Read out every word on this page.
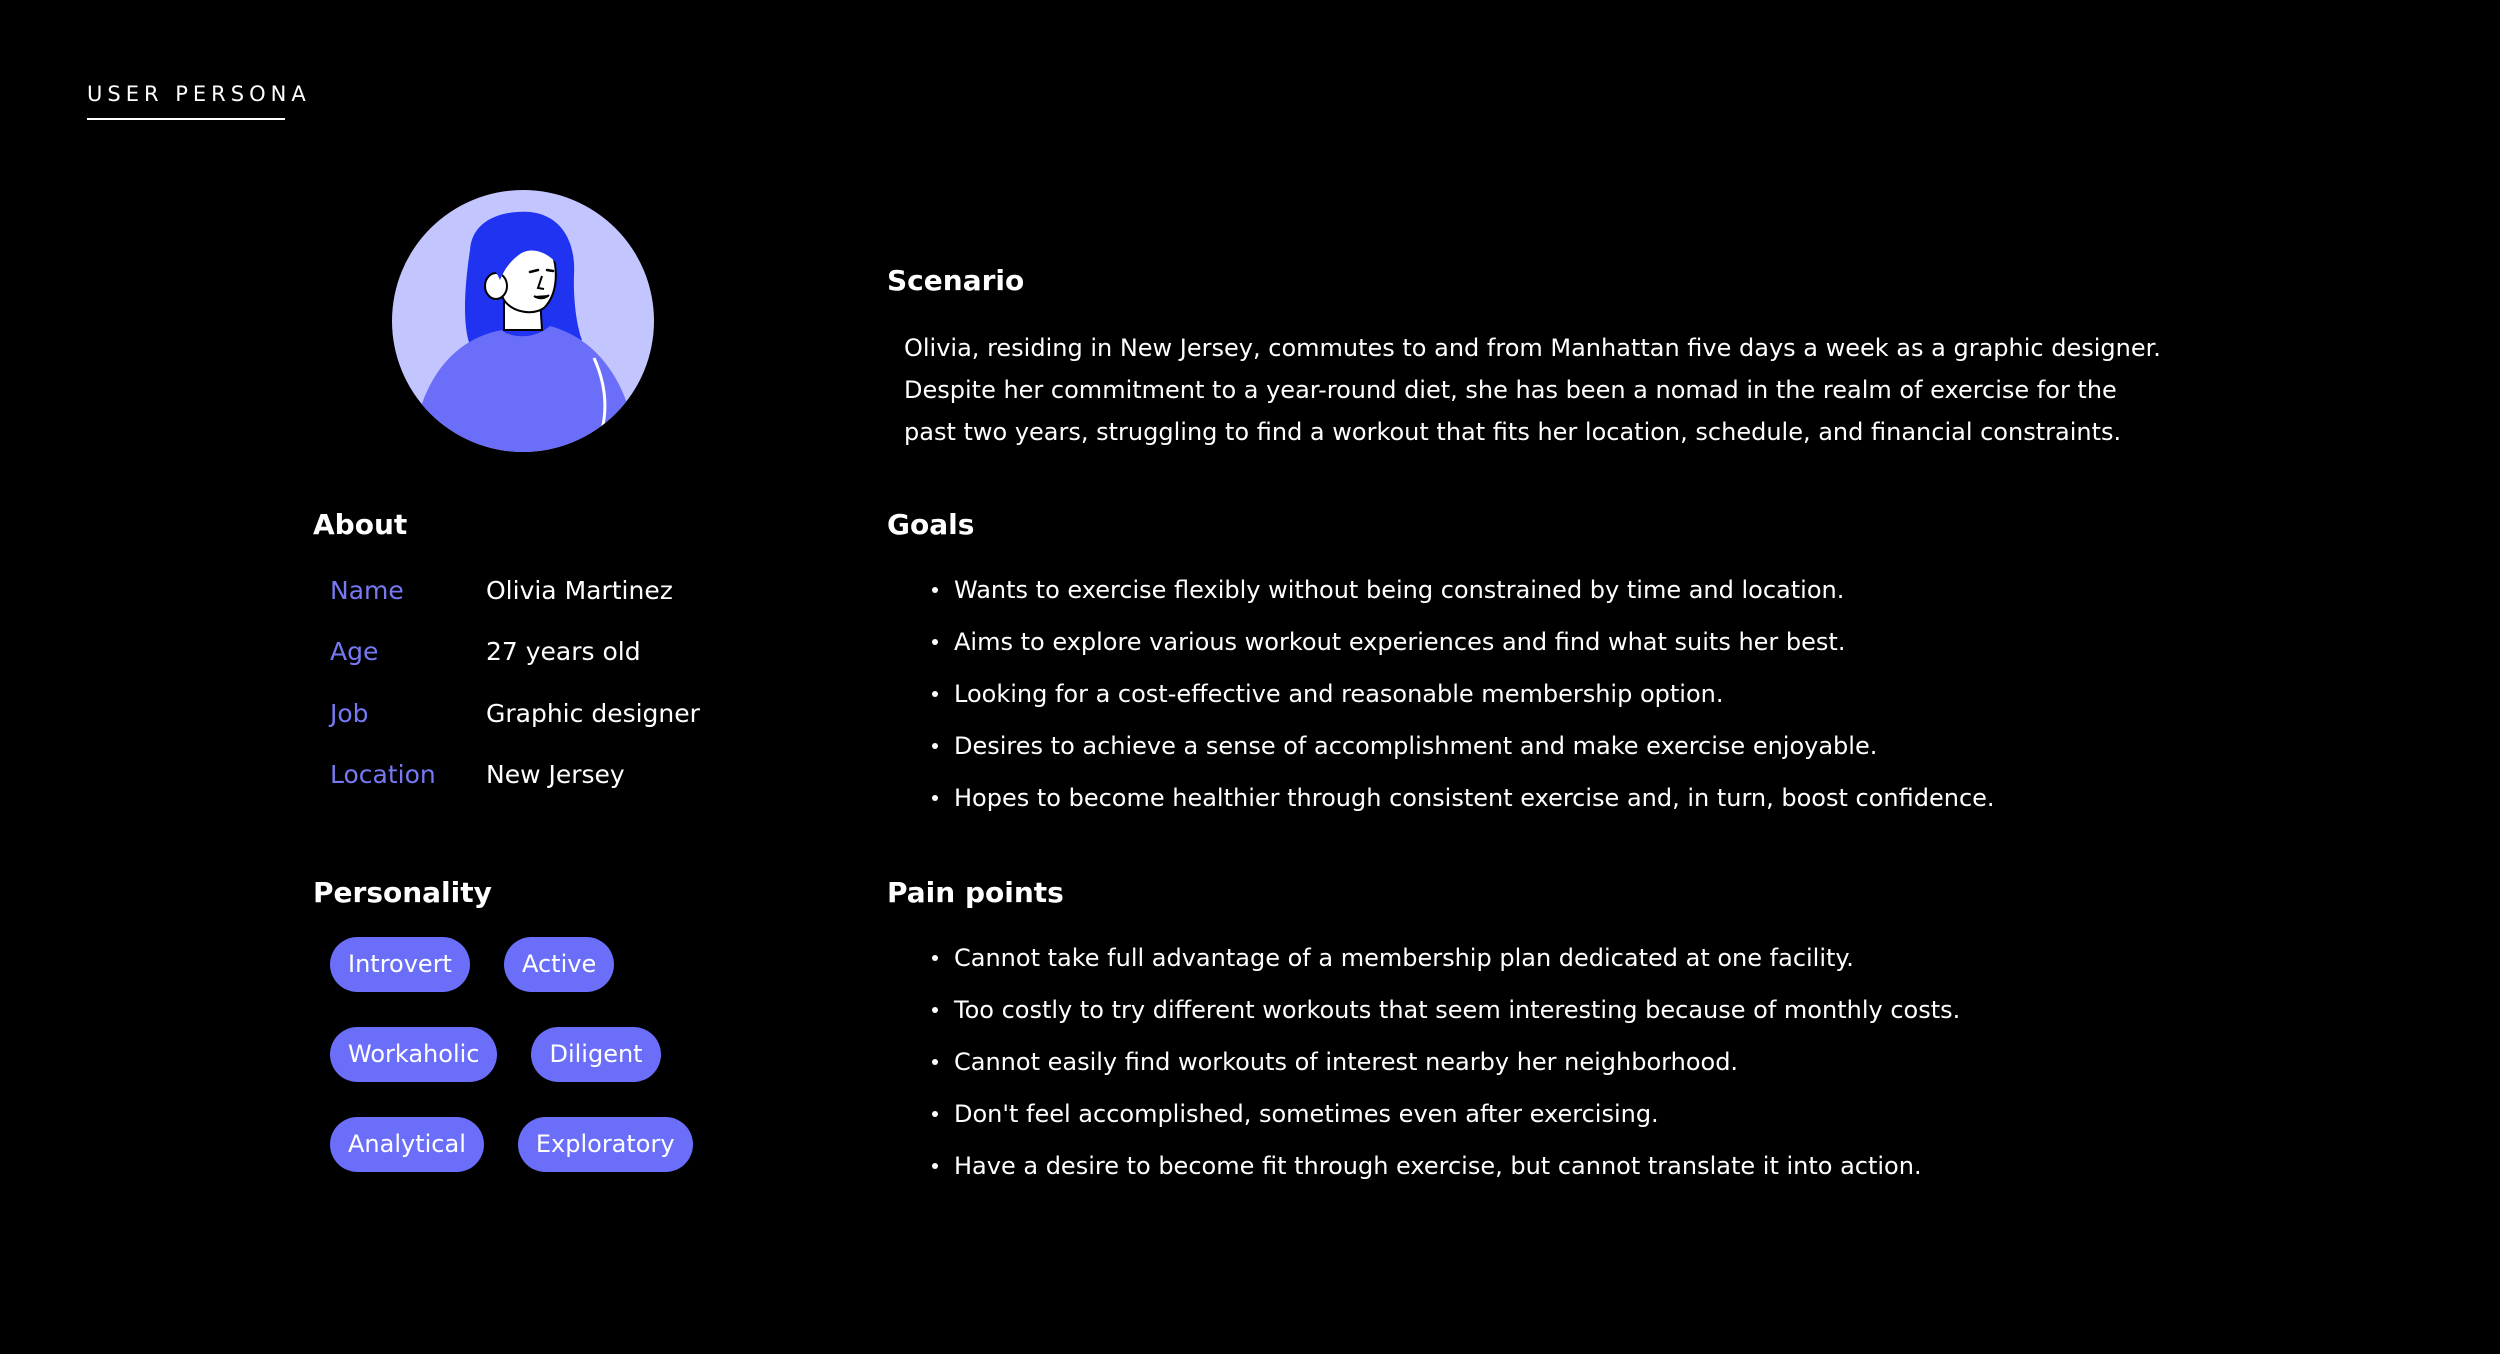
USER PERSONA
About
Name	Olivia Martinez
Age	27 years old
Job	Graphic designer
Location	New Jersey
Personality
Introvert	Active
Workaholic	Diligent
Analytical	Exploratory
Scenario
Olivia, residing in New Jersey, commutes to and from Manhattan five days a week as a graphic designer.
Despite her commitment to a year-round diet, she has been a nomad in the realm of exercise for the
past two years, struggling to find a workout that fits her location, schedule, and financial constraints.
Goals
Wants to exercise flexibly without being constrained by time and location.
Aims to explore various workout experiences and find what suits her best.
Looking for a cost-effective and reasonable membership option.
Desires to achieve a sense of accomplishment and make exercise enjoyable.
Hopes to become healthier through consistent exercise and, in turn, boost confidence.
Pain points
Cannot take full advantage of a membership plan dedicated at one facility.
Too costly to try different workouts that seem interesting because of monthly costs.
Cannot easily find workouts of interest nearby her neighborhood.
Don't feel accomplished, sometimes even after exercising.
Have a desire to become fit through exercise, but cannot translate it into action.
